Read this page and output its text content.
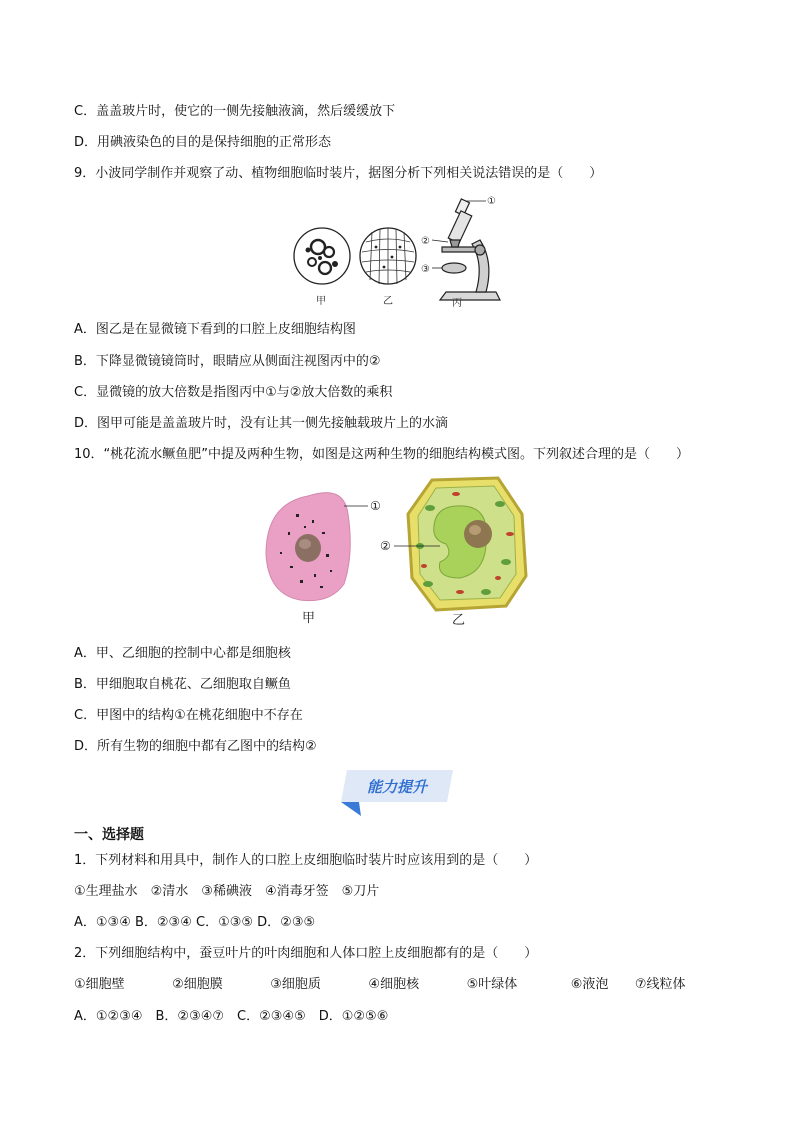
C．盖盖玻片时，使它的一侧先接触液滴，然后缓缓放下
D．用碘液染色的目的是保持细胞的正常形态
9．小波同学制作并观察了动、植物细胞临时装片，据图分析下列相关说法错误的是（　　）
①
②
③
甲	乙	丙
A．图乙是在显微镜下看到的口腔上皮细胞结构图
B．下降显微镜镜筒时，眼睛应从侧面注视图丙中的②
C．显微镜的放大倍数是指图丙中①与②放大倍数的乘积
D．图甲可能是盖盖玻片时，没有让其一侧先接触载玻片上的水滴
10．“桃花流水鳜鱼肥”中提及两种生物，如图是这两种生物的细胞结构模式图。下列叙述合理的是（　　）
①
甲
②
乙
A．甲、乙细胞的控制中心都是细胞核
B．甲细胞取自桃花、乙细胞取自鳜鱼
C．甲图中的结构①在桃花细胞中不存在
D．所有生物的细胞中都有乙图中的结构②
能力提升
一、选择题
1．下列材料和用具中，制作人的口腔上皮细胞临时装片时应该用到的是（　　）
①生理盐水　②清水　③稀碘液　④消毒牙签　⑤刀片
A．①③④ B．②③④ C．①③⑤ D．②③⑤
2．下列细胞结构中，蚕豆叶片的叶肉细胞和人体口腔上皮细胞都有的是（　　）
①细胞壁	②细胞膜	③细胞质	④细胞核	⑤叶绿体	⑥液泡 ⑦线粒体
A．①②③④　B．②③④⑦　C．②③④⑤　D．①②⑤⑥
